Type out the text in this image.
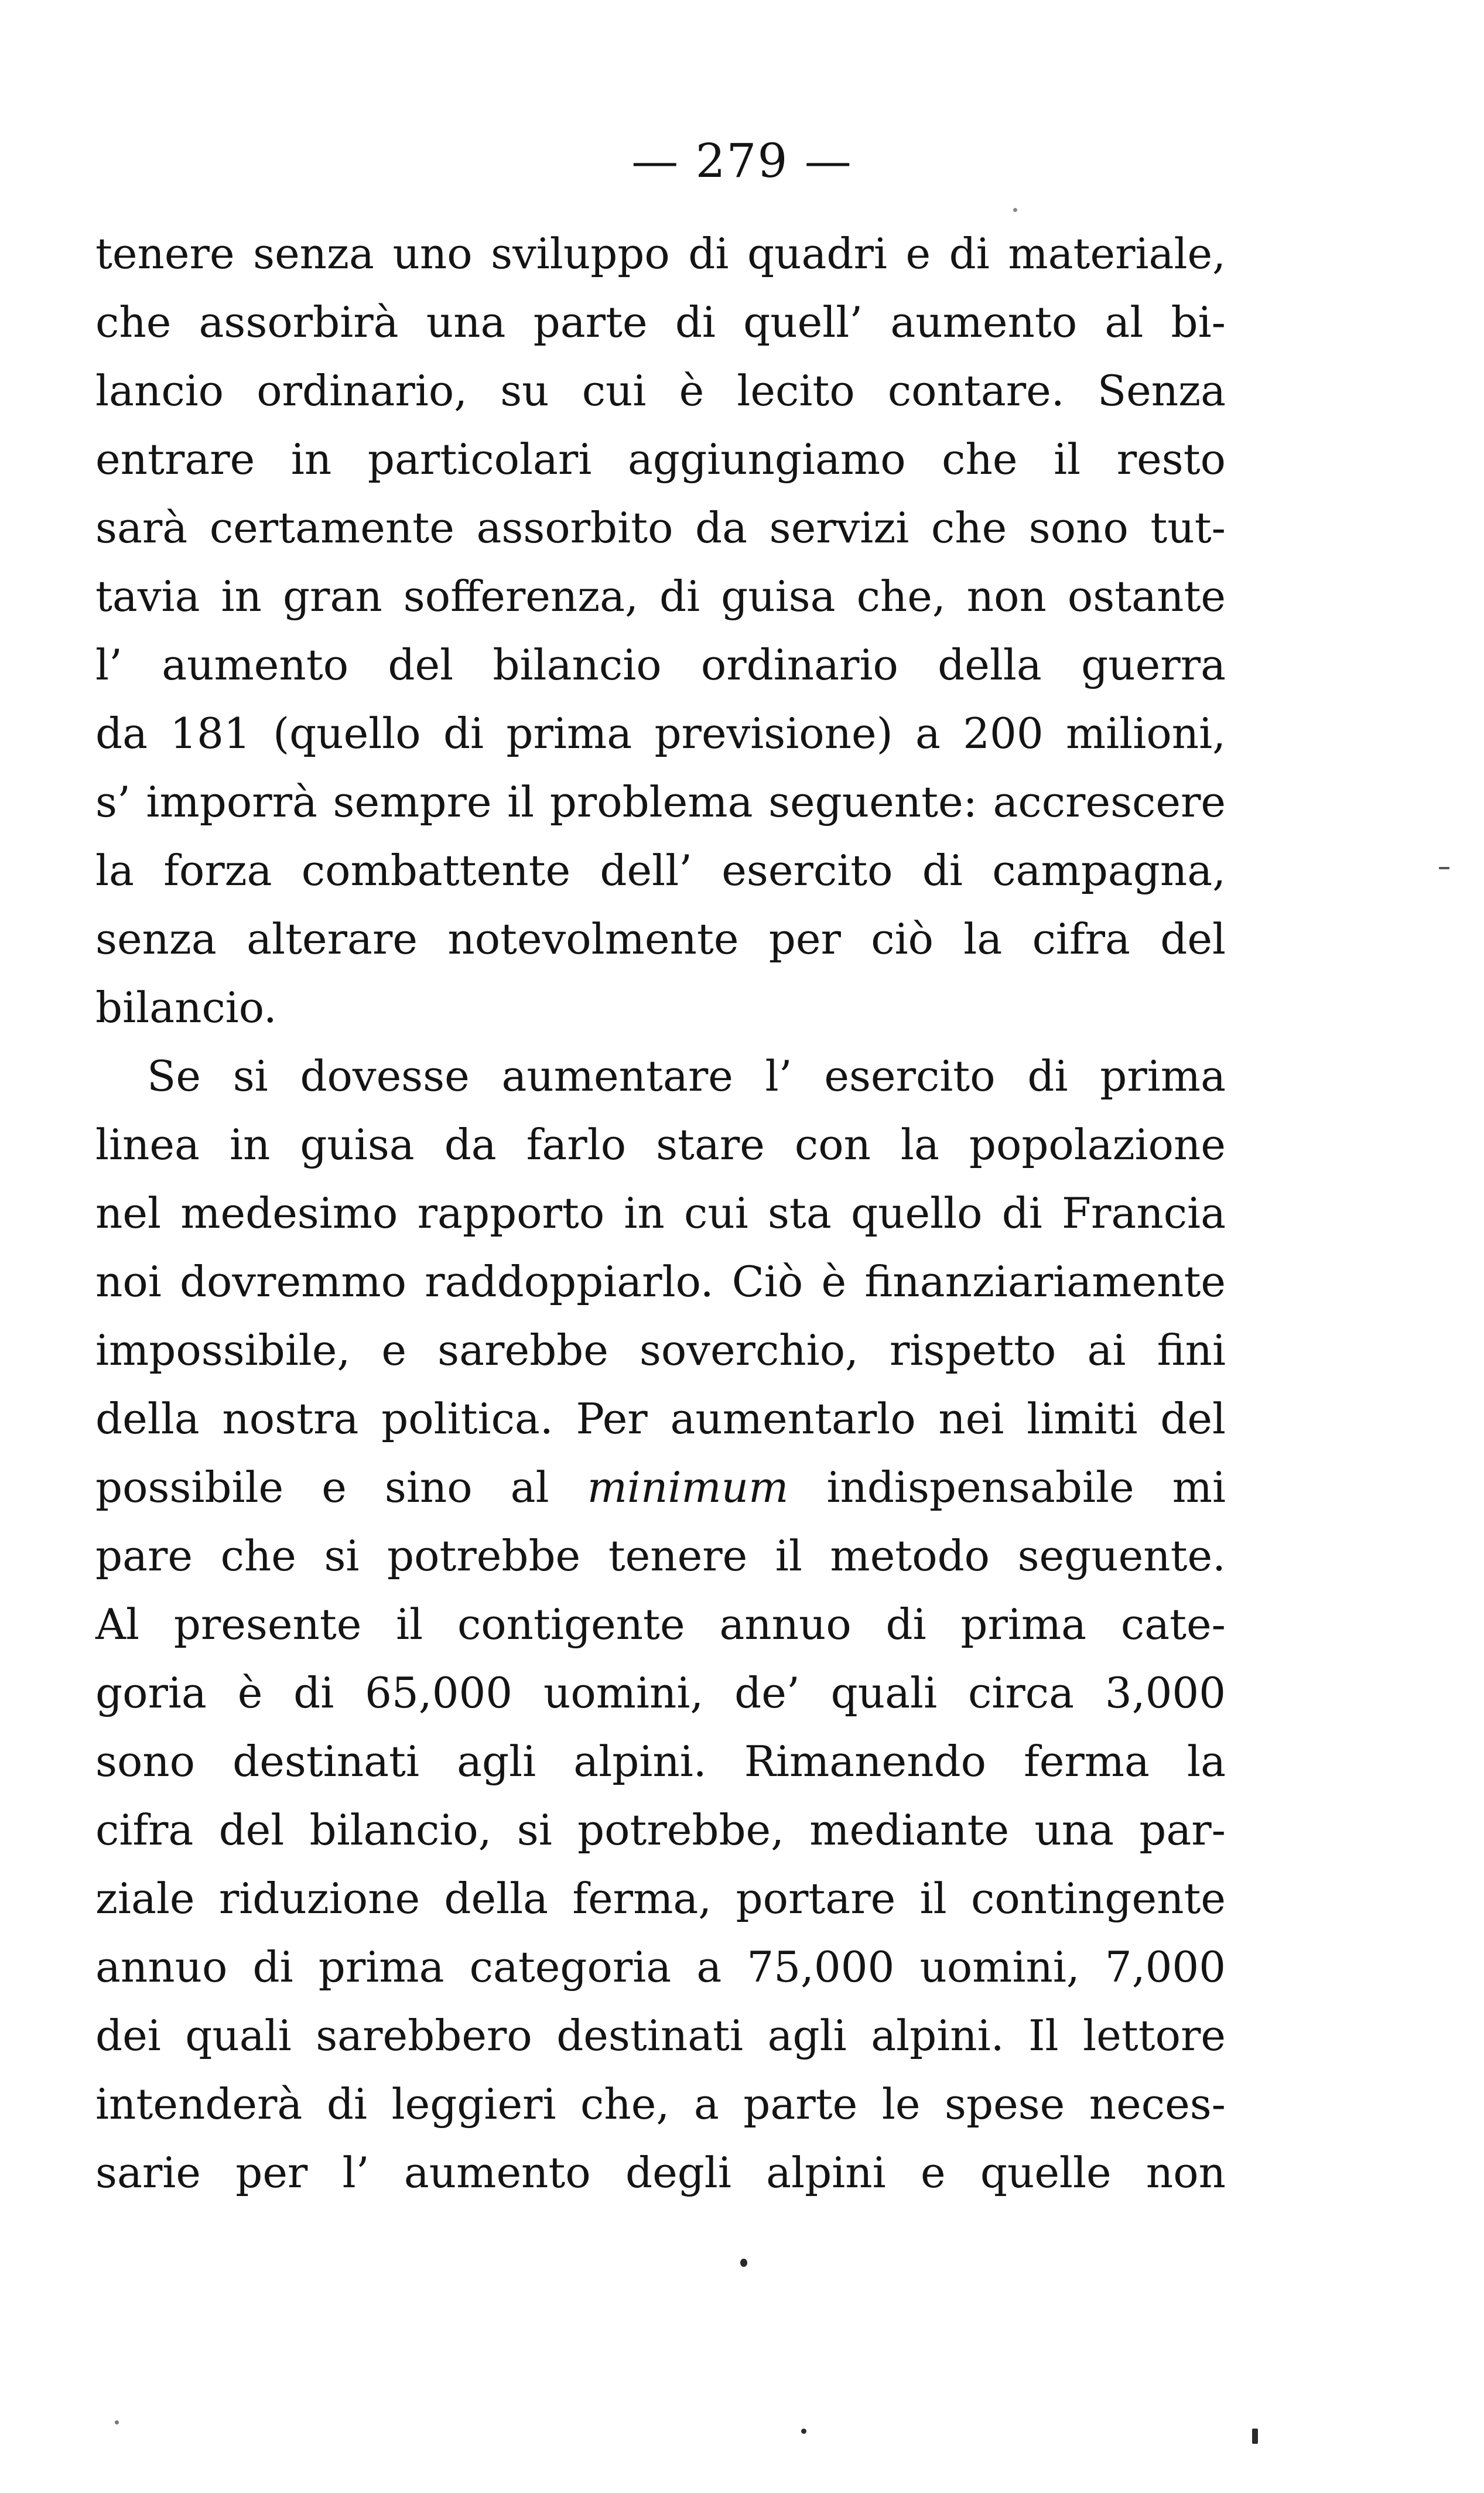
— 279 —
tenere senza uno sviluppo di quadri e di materiale,
che assorbirà una parte di quell’ aumento al bi-
lancio ordinario, su cui è lecito contare. Senza
entrare in particolari aggiungiamo che il resto
sarà certamente assorbito da servizi che sono tut-
tavia in gran sofferenza, di guisa che, non ostante
l’ aumento del bilancio ordinario della guerra
da 181 (quello di prima previsione) a 200 milioni,
s’ imporrà sempre il problema seguente: accrescere
la forza combattente dell’ esercito di campagna,
senza alterare notevolmente per ciò la cifra del
bilancio.
Se si dovesse aumentare l’ esercito di prima
linea in guisa da farlo stare con la popolazione
nel medesimo rapporto in cui sta quello di Francia
noi dovremmo raddoppiarlo. Ciò è finanziariamente
impossibile, e sarebbe soverchio, rispetto ai fini
della nostra politica. Per aumentarlo nei limiti del
possibile e sino al minimum indispensabile mi
pare che si potrebbe tenere il metodo seguente.
Al presente il contigente annuo di prima cate-
goria è di 65,000 uomini, de’ quali circa 3,000
sono destinati agli alpini. Rimanendo ferma la
cifra del bilancio, si potrebbe, mediante una par-
ziale riduzione della ferma, portare il contingente
annuo di prima categoria a 75,000 uomini, 7,000
dei quali sarebbero destinati agli alpini. Il lettore
intenderà di leggieri che, a parte le spese neces-
sarie per l’ aumento degli alpini e quelle non
